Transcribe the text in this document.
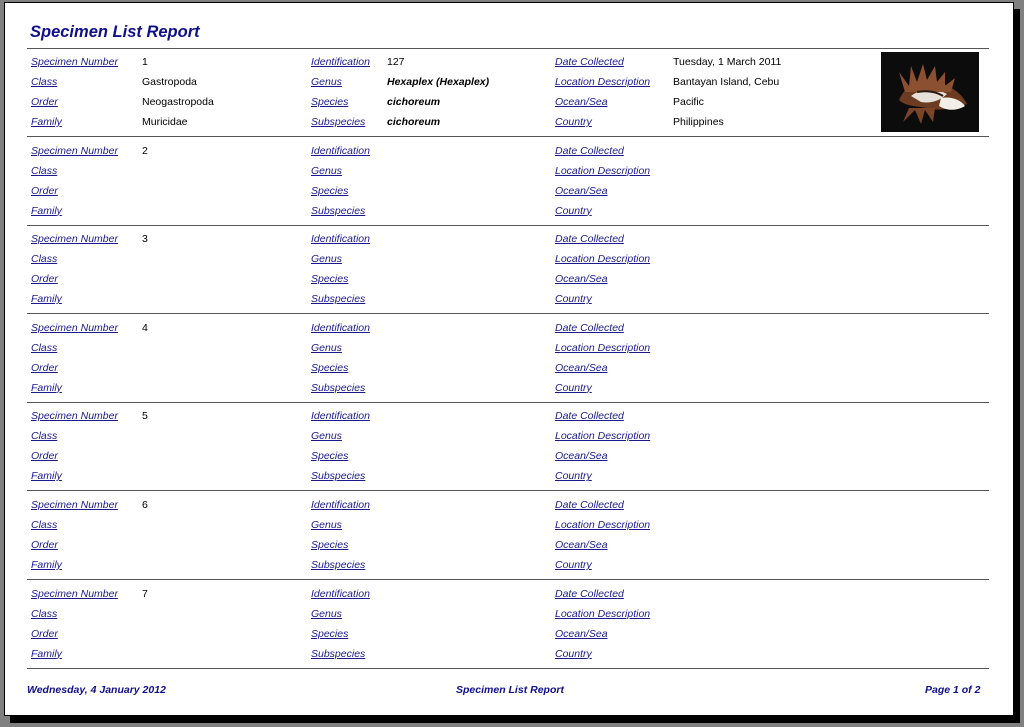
Specimen List Report
Specimen Number 1	Identification 127	Date Collected	Tuesday, 1 March 2011
Class	Gastropoda	Genus	Hexaplex (Hexaplex)	Location Description Bantayan Island, Cebu
Order	Neogastropoda	Species	cichoreum	Ocean/Sea	Pacific
Family	Muricidae	Subspecies cichoreum	Country	Philippines
Specimen Number 2	Identification	Date Collected
Class	Genus	Location Description
Order	Species	Ocean/Sea
Family	Subspecies	Country
Specimen Number 3	Identification	Date Collected
Class	Genus	Location Description
Order	Species	Ocean/Sea
Family	Subspecies	Country
Specimen Number 4	Identification	Date Collected
Class	Genus	Location Description
Order	Species	Ocean/Sea
Family	Subspecies	Country
Specimen Number 5	Identification	Date Collected
Class	Genus	Location Description
Order	Species	Ocean/Sea
Family	Subspecies	Country
Specimen Number 6	Identification	Date Collected
Class	Genus	Location Description
Order	Species	Ocean/Sea
Family	Subspecies	Country
Specimen Number 7	Identification	Date Collected
Class	Genus	Location Description
Order	Species	Ocean/Sea
Family	Subspecies	Country
Wednesday, 4 January 2012	Specimen List Report	Page 1 of 2
